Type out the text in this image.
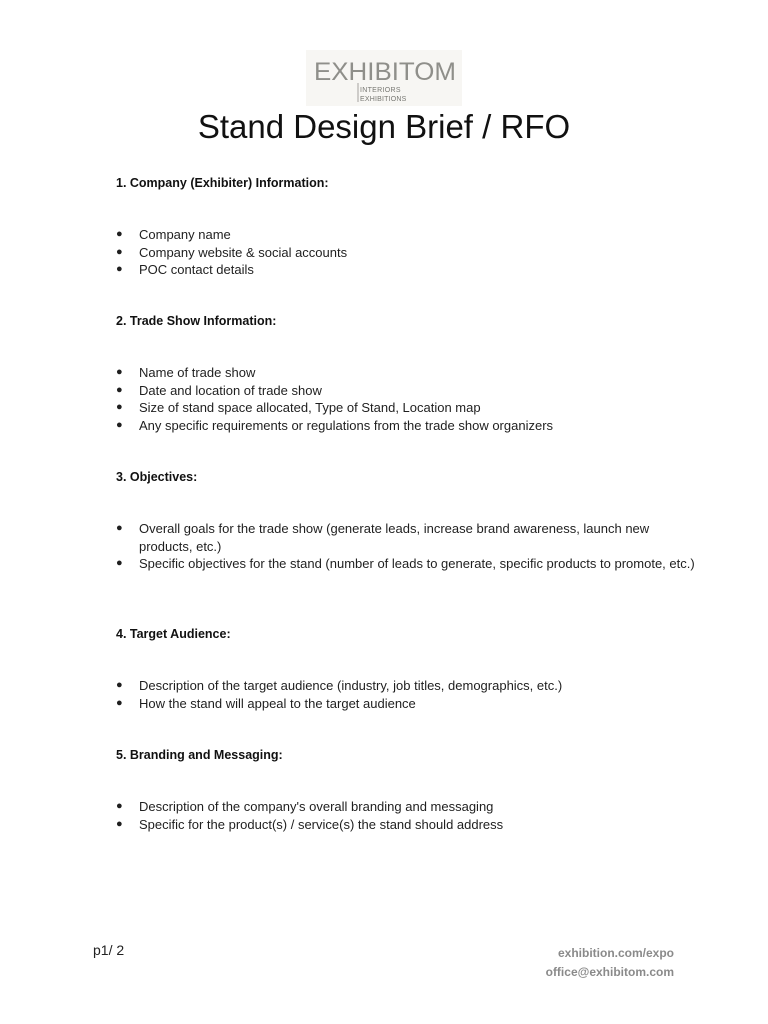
EXHIBITOM
INTERIORS
EXHIBITIONS
Stand Design Brief / RFO

1. Company (Exhibiter) Information:

● Company name
● Company website & social accounts
● POC contact details

2. Trade Show Information:

● Name of trade show
● Date and location of trade show
● Size of stand space allocated, Type of Stand, Location map
● Any specific requirements or regulations from the trade show organizers

3. Objectives:

● Overall goals for the trade show (generate leads, increase brand awareness, launch new products, etc.)
● Specific objectives for the stand (number of leads to generate, specific products to promote, etc.)

4. Target Audience:

● Description of the target audience (industry, job titles, demographics, etc.)
● How the stand will appeal to the target audience

5. Branding and Messaging:

● Description of the company's overall branding and messaging
● Specific for the product(s) / service(s) the stand should address
p1/ 2	exhibition.com/expo
office@exhibitom.com
